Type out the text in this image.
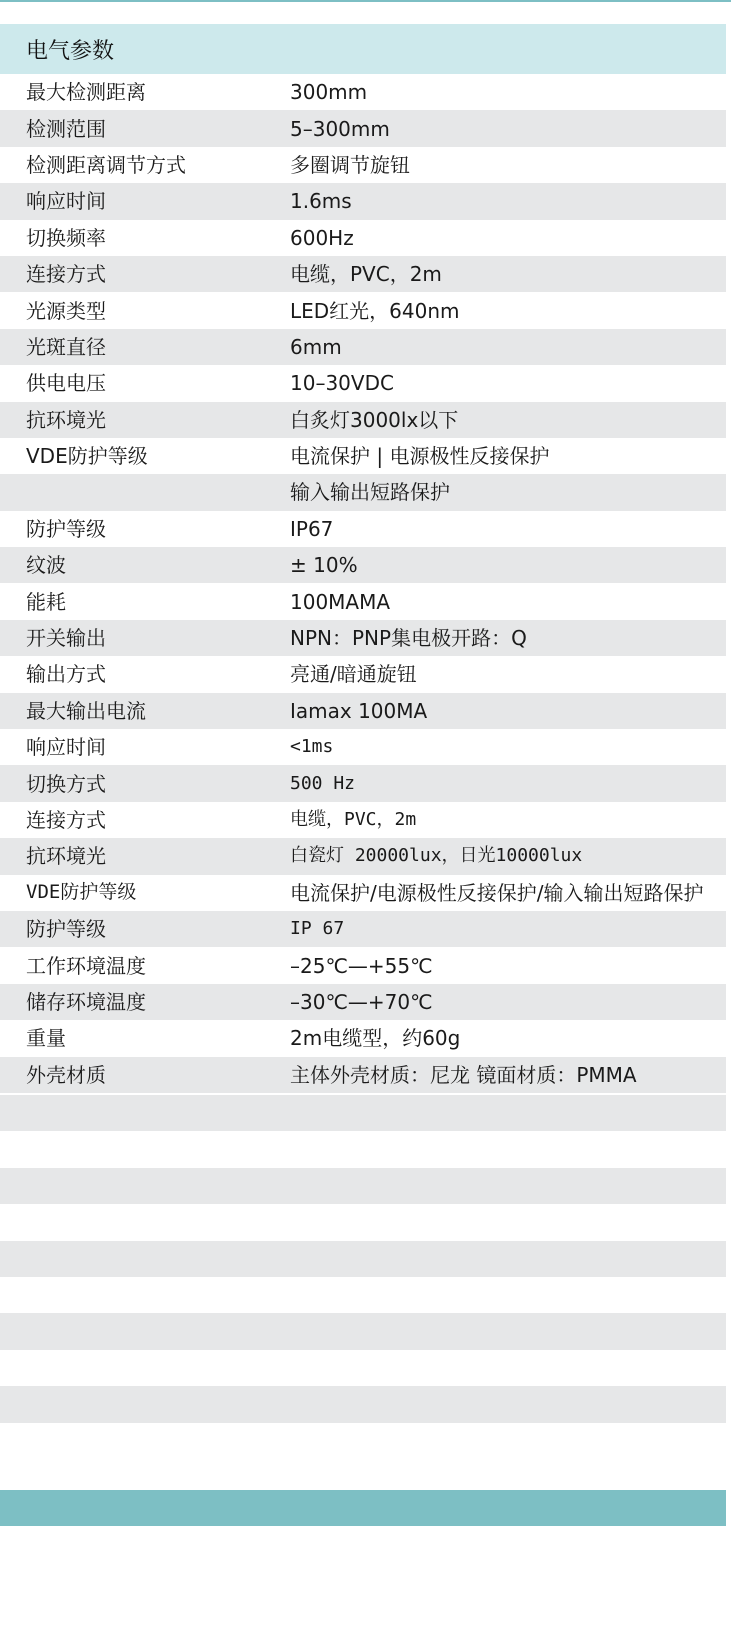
电气参数
最大检测距离	300mm
检测范围	5–300mm
检测距离调节方式	多圈调节旋钮
响应时间	1.6ms
切换频率	600Hz
连接方式	电缆，PVC，2m
光源类型	LED红光，640nm
光斑直径	6mm
供电电压	10–30VDC
抗环境光	白炙灯3000lx以下
VDE防护等级	电流保护 | 电源极性反接保护
输入输出短路保护
防护等级	IP67
纹波	± 10%
能耗	100MAMA
开关输出	NPN：PNP集电极开路：Q
输出方式	亮通/暗通旋钮
最大输出电流	Iamax 100MA
响应时间	<1ms
切换方式	500 Hz
连接方式	电缆，PVC，2m
抗环境光	白瓷灯 20000lux，日光10000lux
VDE防护等级	电流保护/电源极性反接保护/输入输出短路保护
防护等级	IP 67
工作环境温度	–25℃—+55℃
储存环境温度	–30℃—+70℃
重量	2m电缆型，约60g
外壳材质	主体外壳材质：尼龙 镜面材质：PMMA
